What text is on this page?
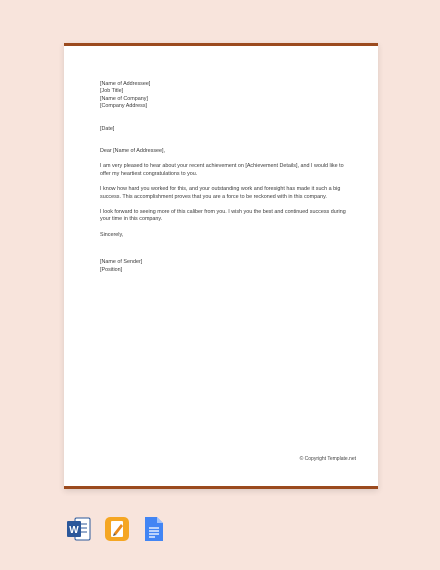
[Name of Addressee]
[Job Title]
[Name of Company]
[Company Address]
[Date]
Dear [Name of Addressee],

I am very pleased to hear about your recent achievement on [Achievement Details], and I would like to offer my heartiest congratulations to you.

I know how hard you worked for this, and your outstanding work and foresight has made it such a big success. This accomplishment proves that you are a force to be reckoned with in this company.

I look forward to seeing more of this caliber from you. I wish you the best and continued success during your time in this company.

Sincerely,
[Name of Sender]
[Position]
© Copyright Template.net
W
